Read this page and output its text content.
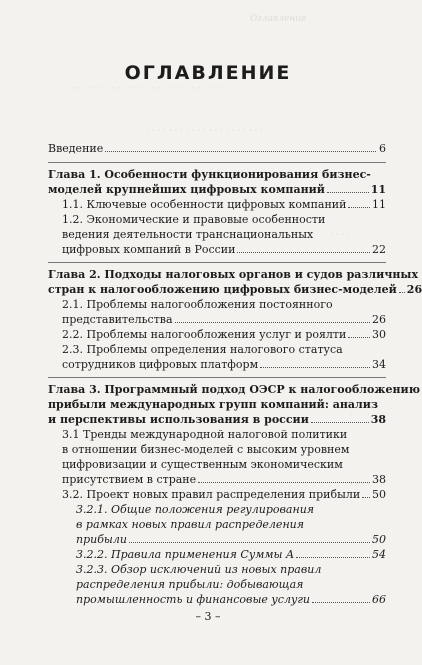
Оглавление
· · · · · · · · · · · · · · · · · · · · · · · · · · · · · · ·
· · · · · · · · · · · · · · · · · · · · · ·
· · · · ·
· · · ·
· · · ·
ОГЛАВЛЕНИЕ
Введение	6
Глава 1. Особенности функционирования бизнес-
моделей крупнейших цифровых компаний	11
1.1. Ключевые особенности цифровых компаний 11
1.2. Экономические и правовые особенности
ведения деятельности транснациональных
цифровых компаний в России	22
Глава 2. Подходы налоговых органов и судов различных
стран к налогообложению цифровых бизнес-моделей 26
2.1. Проблемы налогообложения постоянного
представительства	26
2.2. Проблемы налогообложения услуг и роялти 30
2.3. Проблемы определения налогового статуса
сотрудников цифровых платформ	34
Глава 3. Программный подход ОЭСР к налогообложению
прибыли международных групп компаний: анализ
и перспективы использования в россии	38
3.1 Тренды международной налоговой политики
в отношении бизнес-моделей с высоким уровнем
цифровизации и существенным экономическим
присутствием в стране	38
3.2. Проект новых правил распределения прибыли 50
3.2.1. Общие положения регулирования
в рамках новых правил распределения
прибыли	50
3.2.2. Правила применения Суммы А	54
3.2.3. Обзор исключений из новых правил
распределения прибыли: добывающая
промышленность и финансовые услуги	66
– 3 –
